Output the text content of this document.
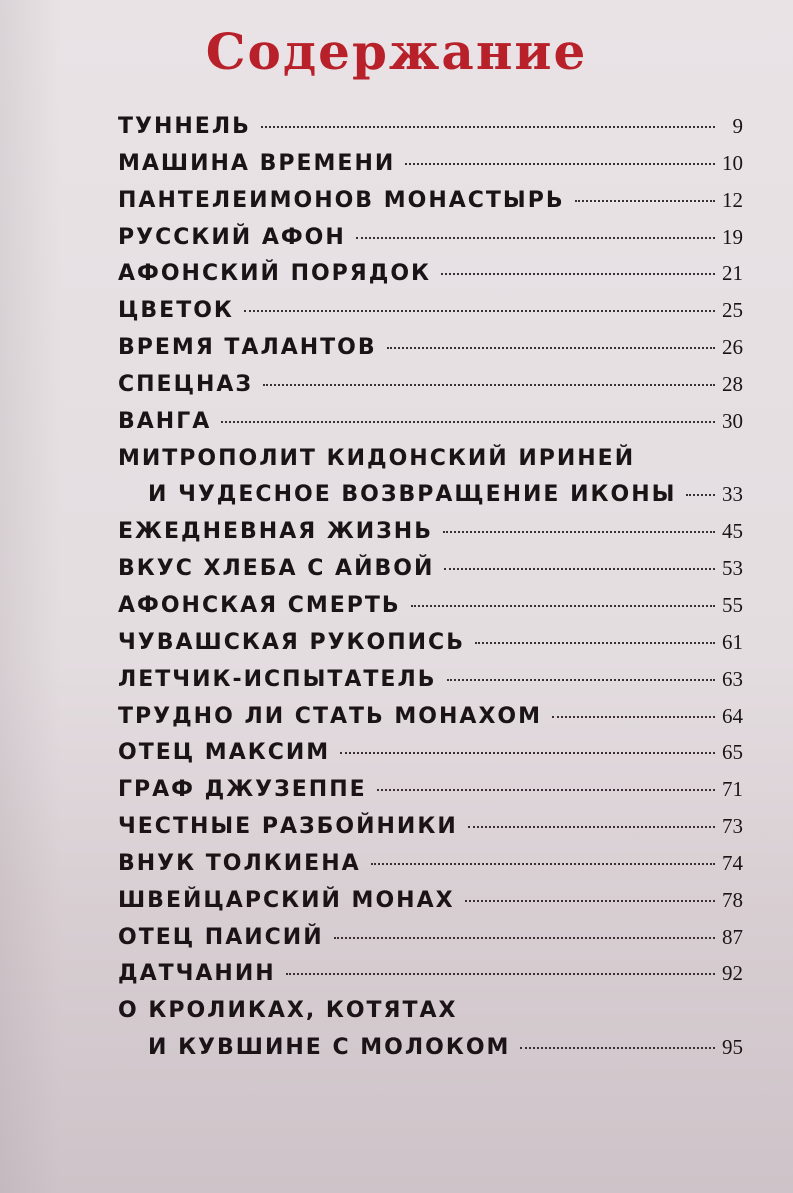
Содержание
ТУННЕЛЬ	9
МАШИНА ВРЕМЕНИ	10
ПАНТЕЛЕИМОНОВ МОНАСТЫРЬ	12
РУССКИЙ АФОН	19
АФОНСКИЙ ПОРЯДОК	21
ЦВЕТОК	25
ВРЕМЯ ТАЛАНТОВ	26
СПЕЦНАЗ	28
ВАНГА	30
МИТРОПОЛИТ КИДОНСКИЙ ИРИНЕЙ
И ЧУДЕСНОЕ ВОЗВРАЩЕНИЕ ИКОНЫ 33
ЕЖЕДНЕВНАЯ ЖИЗНЬ	45
ВКУС ХЛЕБА С АЙВОЙ	53
АФОНСКАЯ СМЕРТЬ	55
ЧУВАШСКАЯ РУКОПИСЬ	61
ЛЕТЧИК-ИСПЫТАТЕЛЬ	63
ТРУДНО ЛИ СТАТЬ МОНАХОМ	64
ОТЕЦ МАКСИМ	65
ГРАФ ДЖУЗЕППЕ	71
ЧЕСТНЫЕ РАЗБОЙНИКИ	73
ВНУК ТОЛКИЕНА	74
ШВЕЙЦАРСКИЙ МОНАХ	78
ОТЕЦ ПАИСИЙ	87
ДАТЧАНИН	92
О КРОЛИКАХ, КОТЯТАХ
И КУВШИНЕ С МОЛОКОМ	95
